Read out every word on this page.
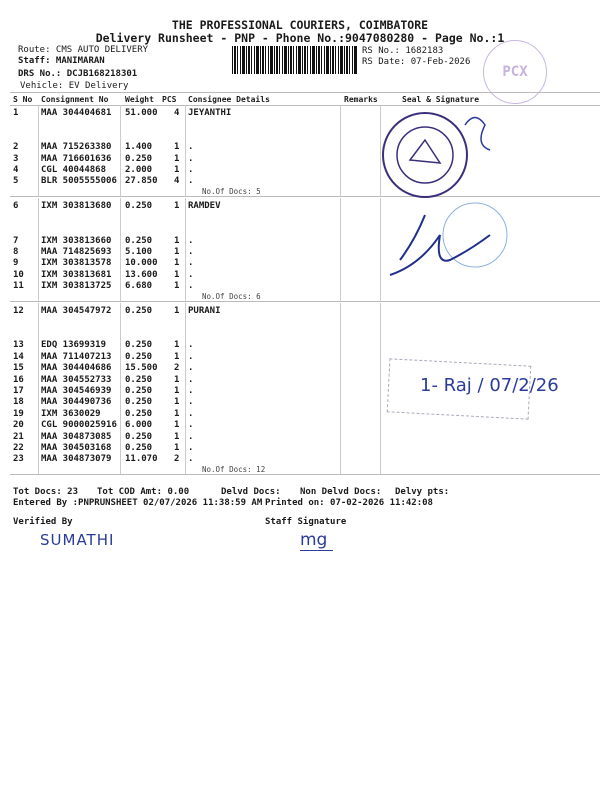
THE PROFESSIONAL COURIERS, COIMBATORE
Delivery Runsheet - PNP - Phone No.:9047080280 - Page No.:1
Route: CMS AUTO DELIVERY
Staff: MANIMARAN
DRS No.: DCJB168218301
Vehicle: EV Delivery
RS No.: 1682183
RS Date: 07-Feb-2026
PCX
S No Consignment No Weight PCS Consignee Details	Remarks	Seal & Signature
1	MAA 304404681 51.000 4 JEYANTHI
2	MAA 715263380 1.400 1 .
3	MAA 716601636 0.250 1 .
4	CGL 40044868 2.000 1 .
5	BLR 5005555006 27.850 4 .
No.Of Docs: 5
6	IXM 303813680 0.250 1 RAMDEV
7	IXM 303813660 0.250 1 .
8	MAA 714825693 5.100 1 .
9	IXM 303813578 10.000 1 .
10 IXM 303813681 13.600 1 .
11 IXM 303813725 6.680 1 .
No.Of Docs: 6
12 MAA 304547972 0.250 1 PURANI
13 EDQ 13699319 0.250 1 .
14 MAA 711407213 0.250 1 .
15 MAA 304404686 15.500 2 .
16 MAA 304552733 0.250 1 .
17 MAA 304546939 0.250 1 .
18 MAA 304490736 0.250 1 .
19 IXM 3630029	0.250 1 .
20 CGL 9000025916 6.000 1 .
21 MAA 304873085 0.250 1 .
22 MAA 304503168 0.250 1 .
23 MAA 304873079 11.070 2 .
No.Of Docs: 12
1- Raj / 07/2/26
Tot Docs: 23 Tot COD Amt: 0.00	Delvd Docs: Non Delvd Docs: Delvy pts:
Entered By :PNPRUNSHEET 02/07/2026 11:38:59 AM Printed on: 07-02-2026 11:42:08
Verified By
SUMATHI
Staff Signature
mg
